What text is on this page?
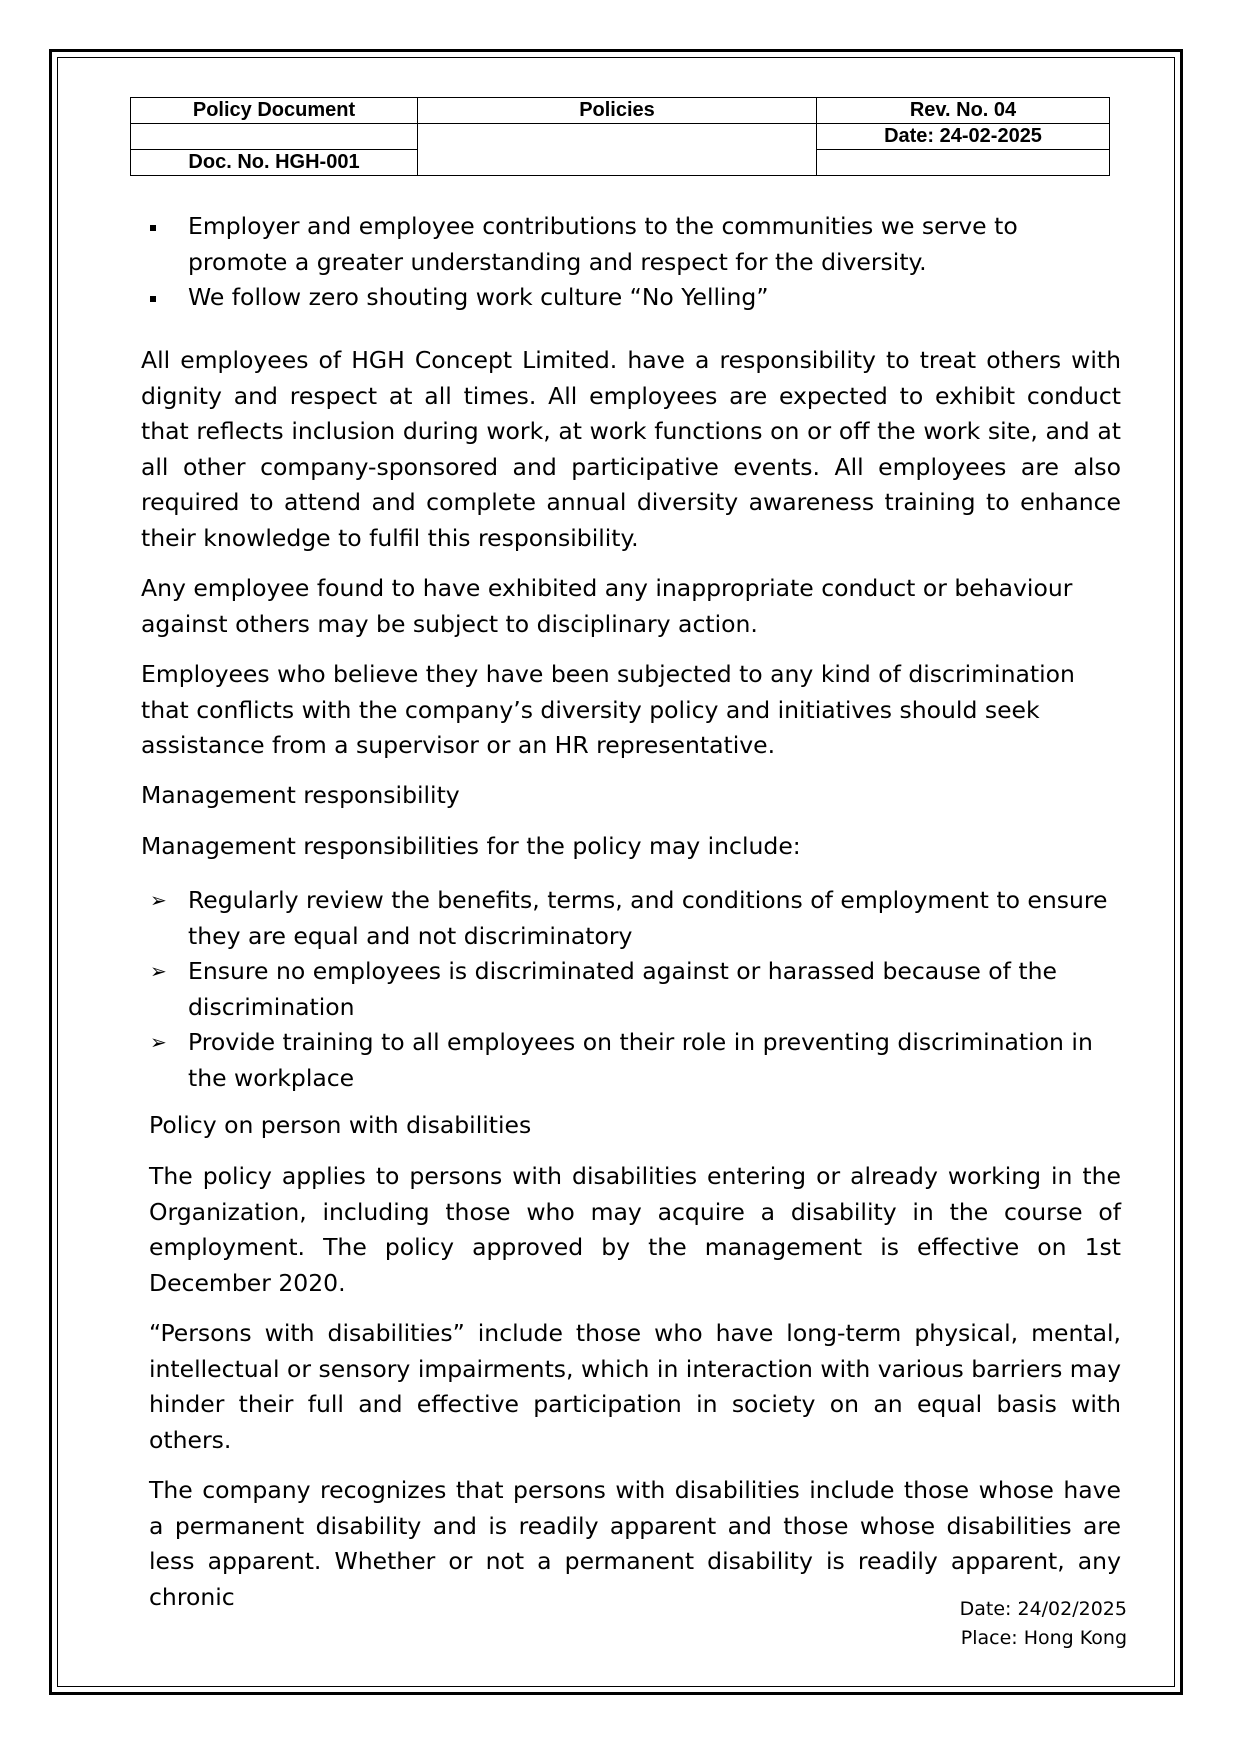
Policy Document	Policies	Rev. No. 04
		Date: 24-02-2025
Doc. No. HGH-001		
Employer and employee contributions to the communities we serve to promote a greater understanding and respect for the diversity.
We follow zero shouting work culture “No Yelling”

All employees of HGH Concept Limited. have a responsibility to treat others with dignity and respect at all times. All employees are expected to exhibit conduct that reflects inclusion during work, at work functions on or off the work site, and at all other company-sponsored and participative events. All employees are also required to attend and complete annual diversity awareness training to enhance their knowledge to fulfil this responsibility.

Any employee found to have exhibited any inappropriate conduct or behaviour against others may be subject to disciplinary action.

Employees who believe they have been subjected to any kind of discrimination that conflicts with the company’s diversity policy and initiatives should seek assistance from a supervisor or an HR representative.

Management responsibility

Management responsibilities for the policy may include:

➢ Regularly review the benefits, terms, and conditions of employment to ensure they are equal and not discriminatory
➢ Ensure no employees is discriminated against or harassed because of the discrimination
➢ Provide training to all employees on their role in preventing discrimination in the workplace

Policy on person with disabilities

The policy applies to persons with disabilities entering or already working in the Organization, including those who may acquire a disability in the course of employment. The policy approved by the management is effective on 1st December 2020.

“Persons with disabilities” include those who have long-term physical, mental, intellectual or sensory impairments, which in interaction with various barriers may hinder their full and effective participation in society on an equal basis with others.

The company recognizes that persons with disabilities include those whose have a permanent disability and is readily apparent and those whose disabilities are less apparent. Whether or not a permanent disability is readily apparent, any chronic	Date: 24/02/2025
Place: Hong Kong
